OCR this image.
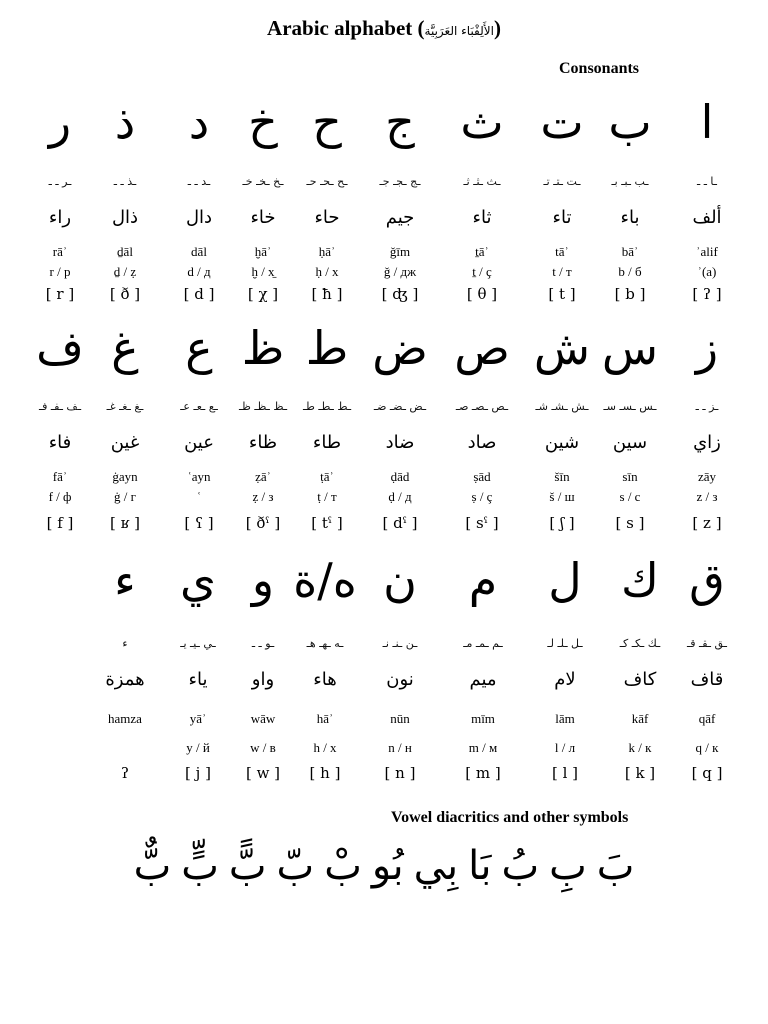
Arabic alphabet (الأَلِفْبَاء العَرَبِيَّة)
Consonants
ا
ـا ـ ـ
ألف
ʾalif
ʾ(a)
[ ʔ ]
ب
ـب ـبـ بـ
باء
bāʾ
b / б
[ b ]
ت
ـت ـتـ تـ
تاء
tāʾ
t / т
[ t ]
ث
ـث ـثـ ثـ
ثاء
ṯāʾ
ṯ / ҫ
[ θ ]
ج
ـج ـجـ جـ
جيم
ǧīm
ǧ / дж
[ ʤ ]
ح
ـح ـحـ حـ
حاء
ḥāʾ
ḥ / х
[ ħ ]
خ
ـخ ـخـ خـ
خاء
ḫāʾ
ḫ / х̱
[ χ ]
د
ـد ـ ـ
دال
dāl
d / д
[ d ]
ذ
ـذ ـ ـ
ذال
ḏāl
ḏ / ẓ
[ ð ]
ر
ـر ـ ـ
راء
rāʾ
r / р
[ r ]
ز
ـز ـ ـ
زاي
zāy
z / з
[ z ]
س
ـس ـسـ سـ
سين
sīn
s / с
[ s ]
ش
ـش ـشـ شـ
شين
šīn
š / ш
[ ʃ ]
ص
ـص ـصـ صـ
صاد
ṣād
ṣ / ç
[ sˤ ]
ض
ـض ـضـ ضـ
ضاد
ḍād
ḍ / д
[ dˤ ]
ط
ـط ـطـ طـ
طاء
ṭāʾ
ṭ / т
[ tˤ ]
ظ
ـظ ـظـ ظـ
ظاء
ẓāʾ
ẓ / з
[ ðˤ ]
ع
ـع ـعـ عـ
عين
ʿayn
ʿ
[ ʕ ]
غ
ـغ ـغـ غـ
غين
ġayn
ġ / г
[ ʁ ]
ف
ـف ـفـ فـ
فاء
fāʾ
f / ф
[ f ]
ق
ـق ـقـ قـ
قاف
qāf
q / к
[ q ]
ك
ـك ـكـ كـ
كاف
kāf
k / к
[ k ]
ل
ـل ـلـ لـ
لام
lām
l / л
[ l ]
م
ـم ـمـ مـ
ميم
mīm
m / м
[ m ]
ن
ـن ـنـ نـ
نون
nūn
n / н
[ n ]
ه/ة
ـه ـهـ هـ
هاء
hāʾ
h / х
[ h ]
و
ـو ـ ـ
واو
wāw
w / в
[ w ]
ي
ـي ـيـ يـ
ياء
yāʾ
y / й
[ j ]
ء
ء
همزة
hamza
ʔ
Vowel diacritics and other symbols
بَبِبُبَابِيبُوبْبّبًّبٍّبٌّ
